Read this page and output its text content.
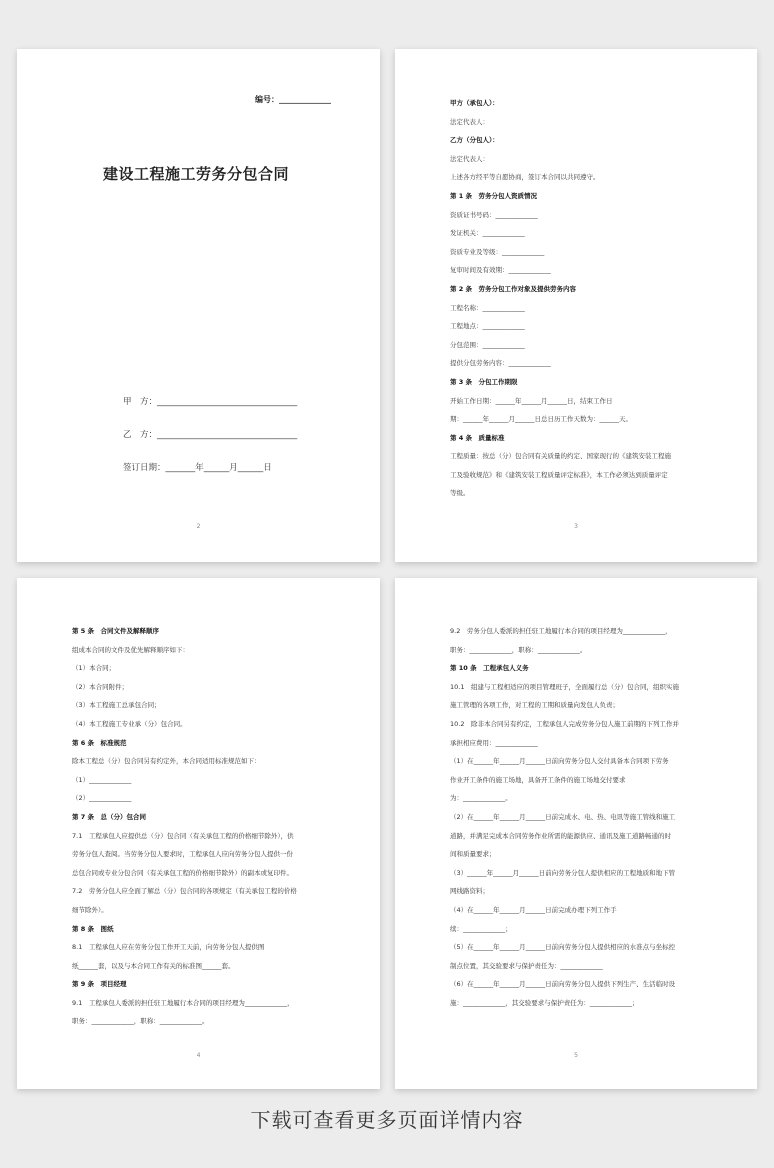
编号：_____________
建设工程施工劳务分包合同
甲　方：_________________________________
乙　方：_________________________________
签订日期：_______年______月______日
2
甲方（承包人）：
法定代表人：
乙方（分包人）：
法定代表人：
上述各方经平等自愿协商，签订本合同以共同遵守。
第 1 条　劳务分包人资质情况
资质证书号码：_____________
发证机关：_____________
资质专业及等级：_____________
复审时间及有效期：_____________
第 2 条　劳务分包工作对象及提供劳务内容
工程名称：_____________
工程地点：_____________
分包范围：_____________
提供分包劳务内容：_____________
第 3 条　分包工作期限
开始工作日期：______年______月______日，结束工作日
期：______年______月______日总日历工作天数为：______天。
第 4 条　质量标准
工程质量：按总（分）包合同有关质量的约定、国家现行的《建筑安装工程施
工及验收规范》和《建筑安装工程质量评定标准》，本工作必须达到质量评定
等级。
3
第 5 条　合同文件及解释顺序
组成本合同的文件及优先解释顺序如下：
（1）本合同；
（2）本合同附件；
（3）本工程施工总承包合同；
（4）本工程施工专业承（分）包合同。
第 6 条　标准规范
除本工程总（分）包合同另有约定外，本合同适用标准规范如下：
（1）_____________
（2）_____________
第 7 条　总（分）包合同
7.1　工程承包人应提供总（分）包合同（有关承包工程的价格细节除外），供
劳务分包人查阅。当劳务分包人要求时，工程承包人应向劳务分包人提供一份
总包合同或专业分包合同（有关承包工程的价格细节除外）的副本或复印件。
7.2　劳务分包人应全面了解总（分）包合同的各项规定（有关承包工程的价格
细节除外）。
第 8 条　图纸
8.1　工程承包人应在劳务分包工作开工天前，向劳务分包人提供图
纸______套，以及与本合同工作有关的标准图______套。
第 9 条　项目经理
9.1　工程承包人委派的担任驻工地履行本合同的项目经理为_____________，
职务：_____________，职称：_____________。
4
9.2　劳务分包人委派的担任驻工地履行本合同的项目经理为_____________，
职务：_____________，职称：_____________。
第 10 条　工程承包人义务
10.1　组建与工程相适应的项目管理班子，全面履行总（分）包合同，组织实施
施工管理的各项工作，对工程的工期和质量向发包人负责；
10.2　除非本合同另有约定，工程承包人完成劳务分包人施工前期的下列工作并
承担相应费用：_____________
（1）在______年______月______日前向劳务分包人交付具备本合同项下劳务
作业开工条件的施工场地，具备开工条件的施工场地交付要求
为：_____________。
（2）在______年______月______日前完成水、电、热、电讯等施工管线和施工
道路，并满足完成本合同劳务作业所需的能源供应、通讯及施工道路畅通的时
间和质量要求；
（3）______年______月______日前向劳务分包人提供相应的工程地质和地下管
网线路资料；
（4）在______年______月______日前完成办理下列工作手
续：_____________；
（5）在______年______月______日前向劳务分包人提供相应的水准点与坐标控
制点位置，其交验要求与保护责任为：_____________
（6）在______年______月______日前向劳务分包人提供下列生产、生活临时设
施：_____________，其交验要求与保护责任为：_____________；
5
下载可查看更多页面详情内容
